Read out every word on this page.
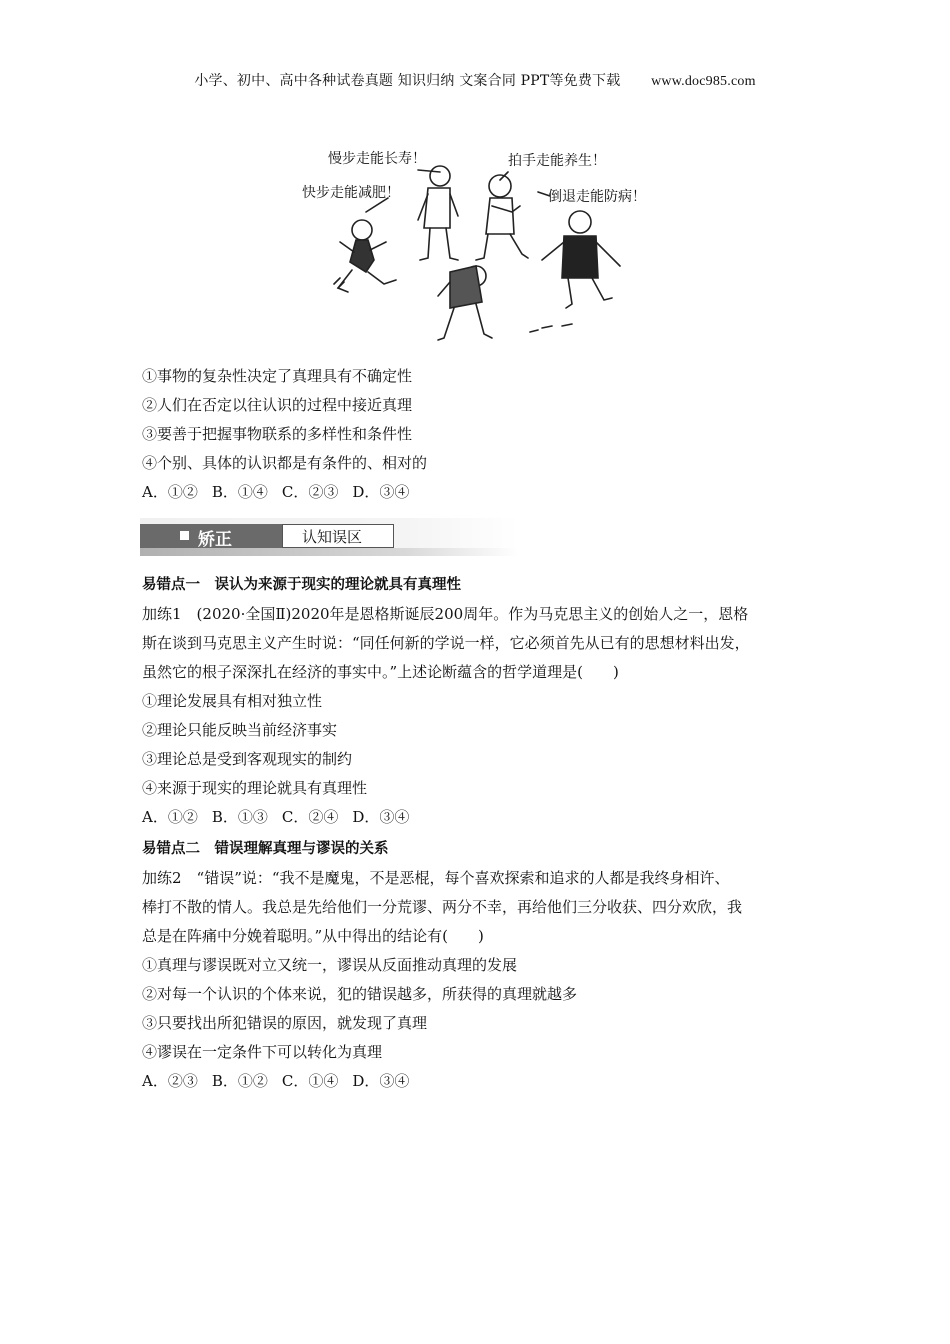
小学、初中、高中各种试卷真题 知识归纳 文案合同 PPT等免费下载 www.doc985.com
慢步走能长寿！	拍手走能养生！
快步走能减肥！	倒退走能防病！
①事物的复杂性决定了真理具有不确定性
②人们在否定以往认识的过程中接近真理
③要善于把握事物联系的多样性和条件性
④个别、具体的认识都是有条件的、相对的
A．①② B．①④ C．②③ D．③④
矫正	认知误区
易错点一　误认为来源于现实的理论就具有真理性
加练1　(2020·全国Ⅱ)2020年是恩格斯诞辰200周年。作为马克思主义的创始人之一，恩格
斯在谈到马克思主义产生时说：“同任何新的学说一样，它必须首先从已有的思想材料出发，
虽然它的根子深深扎在经济的事实中。”上述论断蕴含的哲学道理是(　　)
①理论发展具有相对独立性
②理论只能反映当前经济事实
③理论总是受到客观现实的制约
④来源于现实的理论就具有真理性
A．①② B．①③ C．②④ D．③④
易错点二　错误理解真理与谬误的关系
加练2　“错误”说：“我不是魔鬼，不是恶棍，每个喜欢探索和追求的人都是我终身相许、
棒打不散的情人。我总是先给他们一分荒谬、两分不幸，再给他们三分收获、四分欢欣，我
总是在阵痛中分娩着聪明。”从中得出的结论有(　　)
①真理与谬误既对立又统一，谬误从反面推动真理的发展
②对每一个认识的个体来说，犯的错误越多，所获得的真理就越多
③只要找出所犯错误的原因，就发现了真理
④谬误在一定条件下可以转化为真理
A．②③ B．①② C．①④ D．③④
